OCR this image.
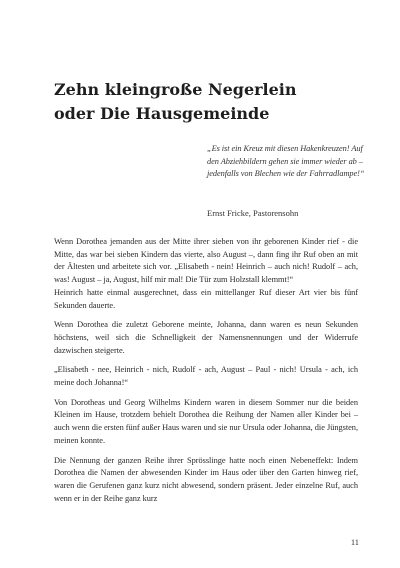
Zehn kleingroße Negerlein
oder Die Hausgemeinde

„Es ist ein Kreuz mit diesen Hakenkreuzen! Auf den Abziehbildern gehen sie immer wieder ab – jedenfalls von Blechen wie der Fahrradlampe!“

Ernst Fricke, Pastorensohn

Wenn Dorothea jemanden aus der Mitte ihrer sieben von ihr geborenen Kinder rief - die Mitte, das war bei sieben Kindern das vierte, also August –, dann fing ihr Ruf oben an mit der Ältesten und arbeitete sich vor. „Elisabeth - nein! Heinrich – auch nich! Rudolf – ach, was! August – ja, August, hilf mir mal! Die Tür zum Holzstall klemmt!“

Heinrich hatte einmal ausgerechnet, dass ein mittellanger Ruf dieser Art vier bis fünf Sekunden dauerte.

Wenn Dorothea die zuletzt Geborene meinte, Johanna, dann waren es neun Sekunden höchstens, weil sich die Schnelligkeit der Namensnennungen und der Widerrufe dazwischen steigerte.

„Elisabeth - nee, Heinrich - nich, Rudolf - ach, August – Paul - nich! Ursula - ach, ich meine doch Johanna!“

Von Dorotheas und Georg Wilhelms Kindern waren in diesem Sommer nur die beiden Kleinen im Hause, trotzdem behielt Dorothea die Reihung der Namen aller Kinder bei – auch wenn die ersten fünf außer Haus waren und sie nur Ursula oder Johanna, die Jüngsten, meinen konnte.

Die Nennung der ganzen Reihe ihrer Sprösslinge hatte noch einen Nebeneffekt: Indem Dorothea die Namen der abwesenden Kinder im Haus oder über den Garten hinweg rief, waren die Gerufenen ganz kurz nicht abwesend, sondern präsent. Jeder einzelne Ruf, auch wenn er in der Reihe ganz kurz

11
